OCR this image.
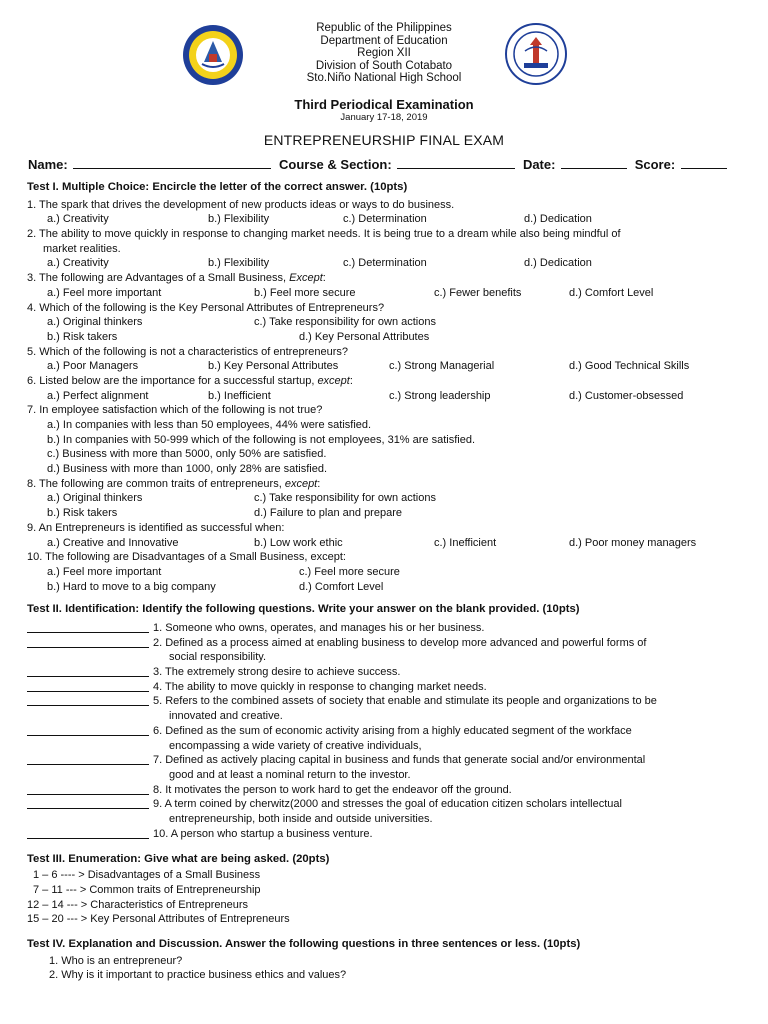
Republic of the Philippines
Department of Education
Region XII
Division of South Cotabato
Sto.Niño National High School
Third Periodical Examination
January 17-18, 2019
ENTREPRENEURSHIP FINAL EXAM
Name:	Course & Section:	Date:	Score:
Test I. Multiple Choice: Encircle the letter of the correct answer. (10pts)
1. The spark that drives the development of new products ideas or ways to do business.
a.) Creativity	b.) Flexibility	c.) Determination	d.) Dedication
2. The ability to move quickly in response to changing market needs. It is being true to a dream while also being mindful of
market realities.
a.) Creativity	b.) Flexibility	c.) Determination	d.) Dedication
3. The following are Advantages of a Small Business, Except:
a.) Feel more important	b.) Feel more secure	c.) Fewer benefits	d.) Comfort Level
4. Which of the following is the Key Personal Attributes of Entrepreneurs?
a.) Original thinkers	c.) Take responsibility for own actions
b.) Risk takers	d.) Key Personal Attributes
5. Which of the following is not a characteristics of entrepreneurs?
a.) Poor Managers	b.) Key Personal Attributes	c.) Strong Managerial	d.) Good Technical Skills
6. Listed below are the importance for a successful startup, except:
a.) Perfect alignment	b.) Inefficient	c.) Strong leadership	d.) Customer-obsessed
7. In employee satisfaction which of the following is not true?
a.) In companies with less than 50 employees, 44% were satisfied.
b.) In companies with 50-999 which of the following is not employees, 31% are satisfied.
c.) Business with more than 5000, only 50% are satisfied.
d.) Business with more than 1000, only 28% are satisfied.
8. The following are common traits of entrepreneurs, except:
a.) Original thinkers	c.) Take responsibility for own actions
b.) Risk takers	d.) Failure to plan and prepare
9. An Entrepreneurs is identified as successful when:
a.) Creative and Innovative	b.) Low work ethic	c.) Inefficient	d.) Poor money managers
10. The following are Disadvantages of a Small Business, except:
a.) Feel more important	c.) Feel more secure
b.) Hard to move to a big company	d.) Comfort Level
Test II. Identification: Identify the following questions. Write your answer on the blank provided. (10pts)
1. Someone who owns, operates, and manages his or her business.
2. Defined as a process aimed at enabling business to develop more advanced and powerful forms of
social responsibility.
3. The extremely strong desire to achieve success.
4. The ability to move quickly in response to changing market needs.
5. Refers to the combined assets of society that enable and stimulate its people and organizations to be
innovated and creative.
6. Defined as the sum of economic activity arising from a highly educated segment of the workface
encompassing a wide variety of creative individuals,
7. Defined as actively placing capital in business and funds that generate social and/or environmental
good and at least a nominal return to the investor.
8. It motivates the person to work hard to get the endeavor off the ground.
9. A term coined by cherwitz(2000 and stresses the goal of education citizen scholars intellectual
entrepreneurship, both inside and outside universities.
10. A person who startup a business venture.
Test III. Enumeration: Give what are being asked. (20pts)
1 – 6 ---- > Disadvantages of a Small Business
7 – 11 --- > Common traits of Entrepreneurship
12 – 14 --- > Characteristics of Entrepreneurs
15 – 20 --- > Key Personal Attributes of Entrepreneurs
Test IV. Explanation and Discussion. Answer the following questions in three sentences or less. (10pts)
1. Who is an entrepreneur?
2. Why is it important to practice business ethics and values?
